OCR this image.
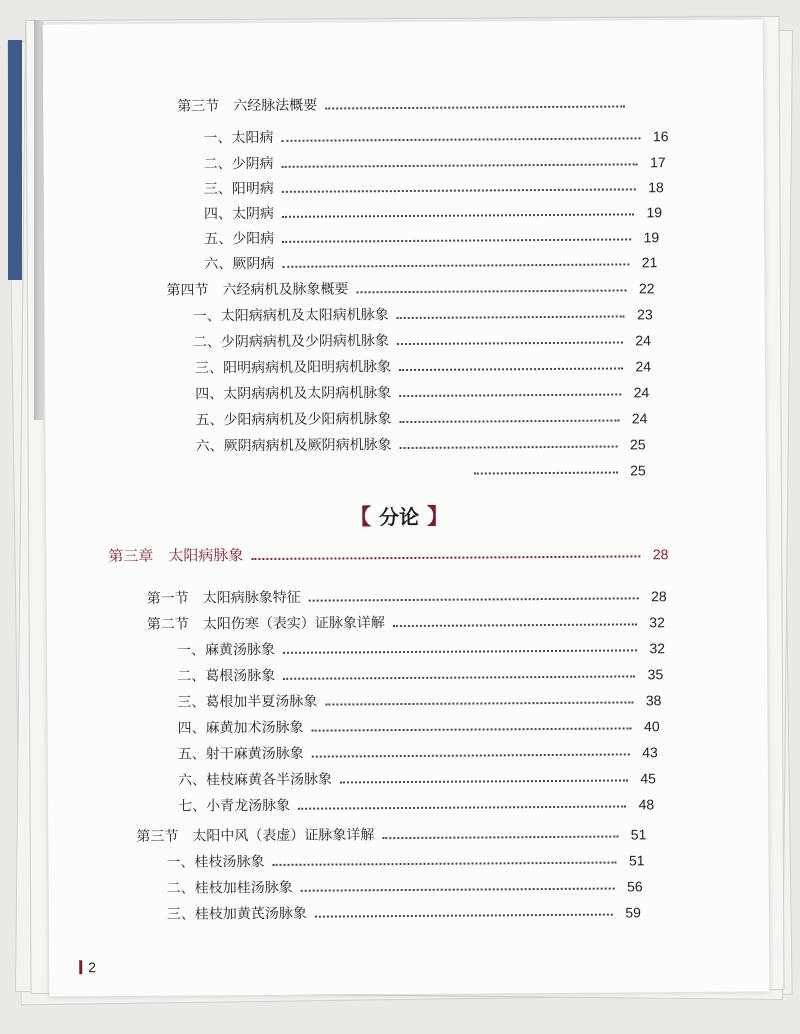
第三节　六经脉法概要
一、太阳病	16
二、少阴病	17
三、阳明病	18
四、太阴病	19
五、少阳病	19
六、厥阴病	21
第四节　六经病机及脉象概要	22
一、太阳病病机及太阳病机脉象	23
二、少阴病病机及少阴病机脉象	24
三、阳明病病机及阳明病机脉象	24
四、太阴病病机及太阴病机脉象	24
五、少阳病病机及少阳病机脉象	24
六、厥阴病病机及厥阴病机脉象	25
25
【 分论 】
第三章　太阳病脉象	28
第一节　太阳病脉象特征	28
第二节　太阳伤寒（表实）证脉象详解	32
一、麻黄汤脉象	32
二、葛根汤脉象	35
三、葛根加半夏汤脉象	38
四、麻黄加术汤脉象	40
五、射干麻黄汤脉象	43
六、桂枝麻黄各半汤脉象	45
七、小青龙汤脉象	48
第三节　太阳中风（表虚）证脉象详解	51
一、桂枝汤脉象	51
二、桂枝加桂汤脉象	56
三、桂枝加黄芪汤脉象	59
2
